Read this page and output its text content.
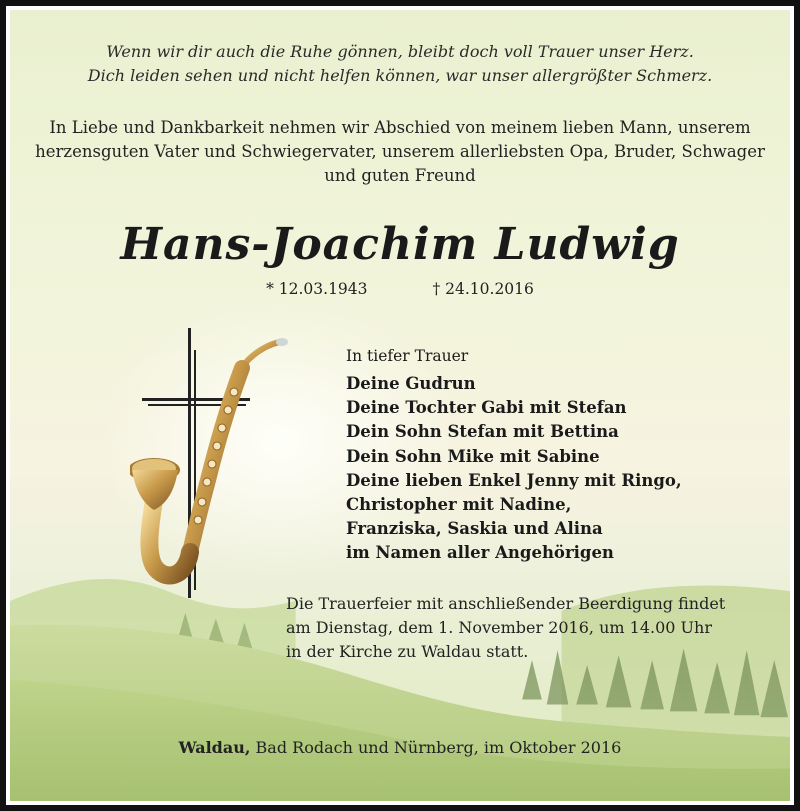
Wenn wir dir auch die Ruhe gönnen, bleibt doch voll Trauer unser Herz.
Dich leiden sehen und nicht helfen können, war unser allergrößter Schmerz.
In Liebe und Dankbarkeit nehmen wir Abschied von meinem lieben Mann, unserem
herzensguten Vater und Schwiegervater, unserem allerliebsten Opa, Bruder, Schwager
und guten Freund
Hans-Joachim Ludwig
* 12.03.1943	† 24.10.2016
In tiefer Trauer
Deine Gudrun
Deine Tochter Gabi mit Stefan
Dein Sohn Stefan mit Bettina
Dein Sohn Mike mit Sabine
Deine lieben Enkel Jenny mit Ringo,
Christopher mit Nadine,
Franziska, Saskia und Alina
im Namen aller Angehörigen
Die Trauerfeier mit anschließender Beerdigung findet
am Dienstag, dem 1. November 2016, um 14.00 Uhr
in der Kirche zu Waldau statt.
Waldau, Bad Rodach und Nürnberg, im Oktober 2016
